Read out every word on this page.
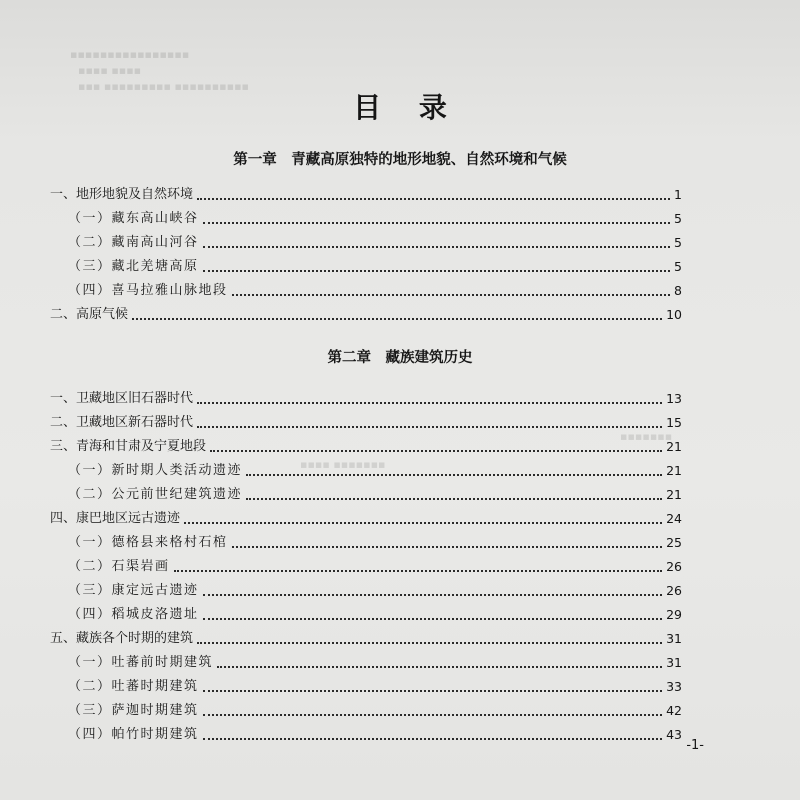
▪▪▪▪▪▪▪▪▪▪▪▪▪▪▪▪
▪▪▪▪ ▪▪▪▪
▪▪▪ ▪▪▪▪▪▪▪▪▪ ▪▪▪▪▪▪▪▪▪▪
▪▪▪▪▪▪▪
▪▪▪▪ ▪▪▪▪▪▪▪
目 录
第一章　青藏高原独特的地形地貌、自然环境和气候
一、地形地貌及自然环境	1
（一）藏东高山峡谷	5
（二）藏南高山河谷	5
（三）藏北羌塘高原	5
（四）喜马拉雅山脉地段	8
二、高原气候	10
第二章　藏族建筑历史
一、卫藏地区旧石器时代	13
二、卫藏地区新石器时代	15
三、青海和甘肃及宁夏地段	21
（一）新时期人类活动遗迹	21
（二）公元前世纪建筑遗迹	21
四、康巴地区远古遗迹	24
（一）德格县来格村石棺	25
（二）石渠岩画	26
（三）康定远古遗迹	26
（四）稻城皮洛遗址	29
五、藏族各个时期的建筑	31
（一）吐蕃前时期建筑	31
（二）吐蕃时期建筑	33
（三）萨迦时期建筑	42
（四）帕竹时期建筑	43
-1-
